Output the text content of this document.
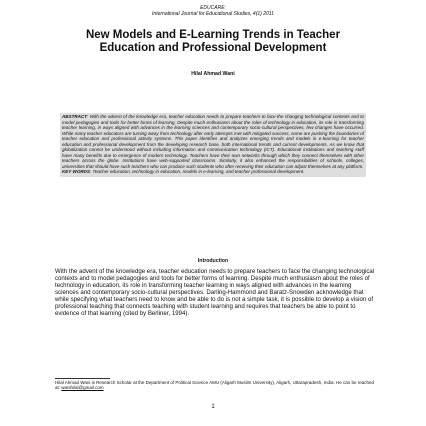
EDUCARE:
International Journal for Educational Studies, 4(1) 2011
New Models and E-Learning Trends in Teacher Education and Professional Development
Hilal Ahmad Wani
ABSTRACT: With the advent of the knowledge era, teacher education needs to prepare teachers to face the changing technological contexts and to model pedagogies and tools for better forms of learning. Despite much enthusiasm about the roles of technology in education, its role in transforming teacher learning, in ways aligned with advances in the learning sciences and contemporary socio-cultural perspectives, few changes have occurred. While many teacher educators are turning away from technology after early attempts met with mitigated success, some are pushing the boundaries of teacher education and professional activity systems. This paper identifies and analyzes emerging trends and models in e-learning for teacher education and professional development from the developing research base, both international trends and current developments. As we know that globalization cannot be understood without including information and communication technology (ICT). Educational institutions and teaching staff have many benefits due to emergence of modern technology. Teachers have their own networks through which they connect themselves with other teachers across the globe. Institutions have web-supported classrooms. Similarly, it also enhanced the responsibilities of schools, colleges, universities that should have such teachers who can produce such students who after receiving their education can adjust themselves at any platform.
KEY WORDS: Teacher education, technology in education, models in e-learning, and teacher professional development.
Introduction
With the advent of the knowledge era, teacher education needs to prepare teachers to face the changing technological contexts and to model pedagogies and tools for better forms of learning. Despite much enthusiasm about the roles of technology in education, its role in transforming teacher learning in ways aligned with advances in the learning sciences and contemporary socio-cultural perspectives. Darling-Hammond and Baratz-Snowden acknowledge that while specifying what teachers need to know and be able to do is not a simple task, it is possible to develop a vision of professional teaching that connects teaching with student learning and requires that teachers be able to point to evidence of that learning (cited by Berliner, 1994).
Hilal Ahmad Wani is Research Scholar at the Department of Political Science AMU (Aligarh Muslim University), Aligarh, Uttarapradesh, India. He can be reached at: wanihilal@gmail.com
1
